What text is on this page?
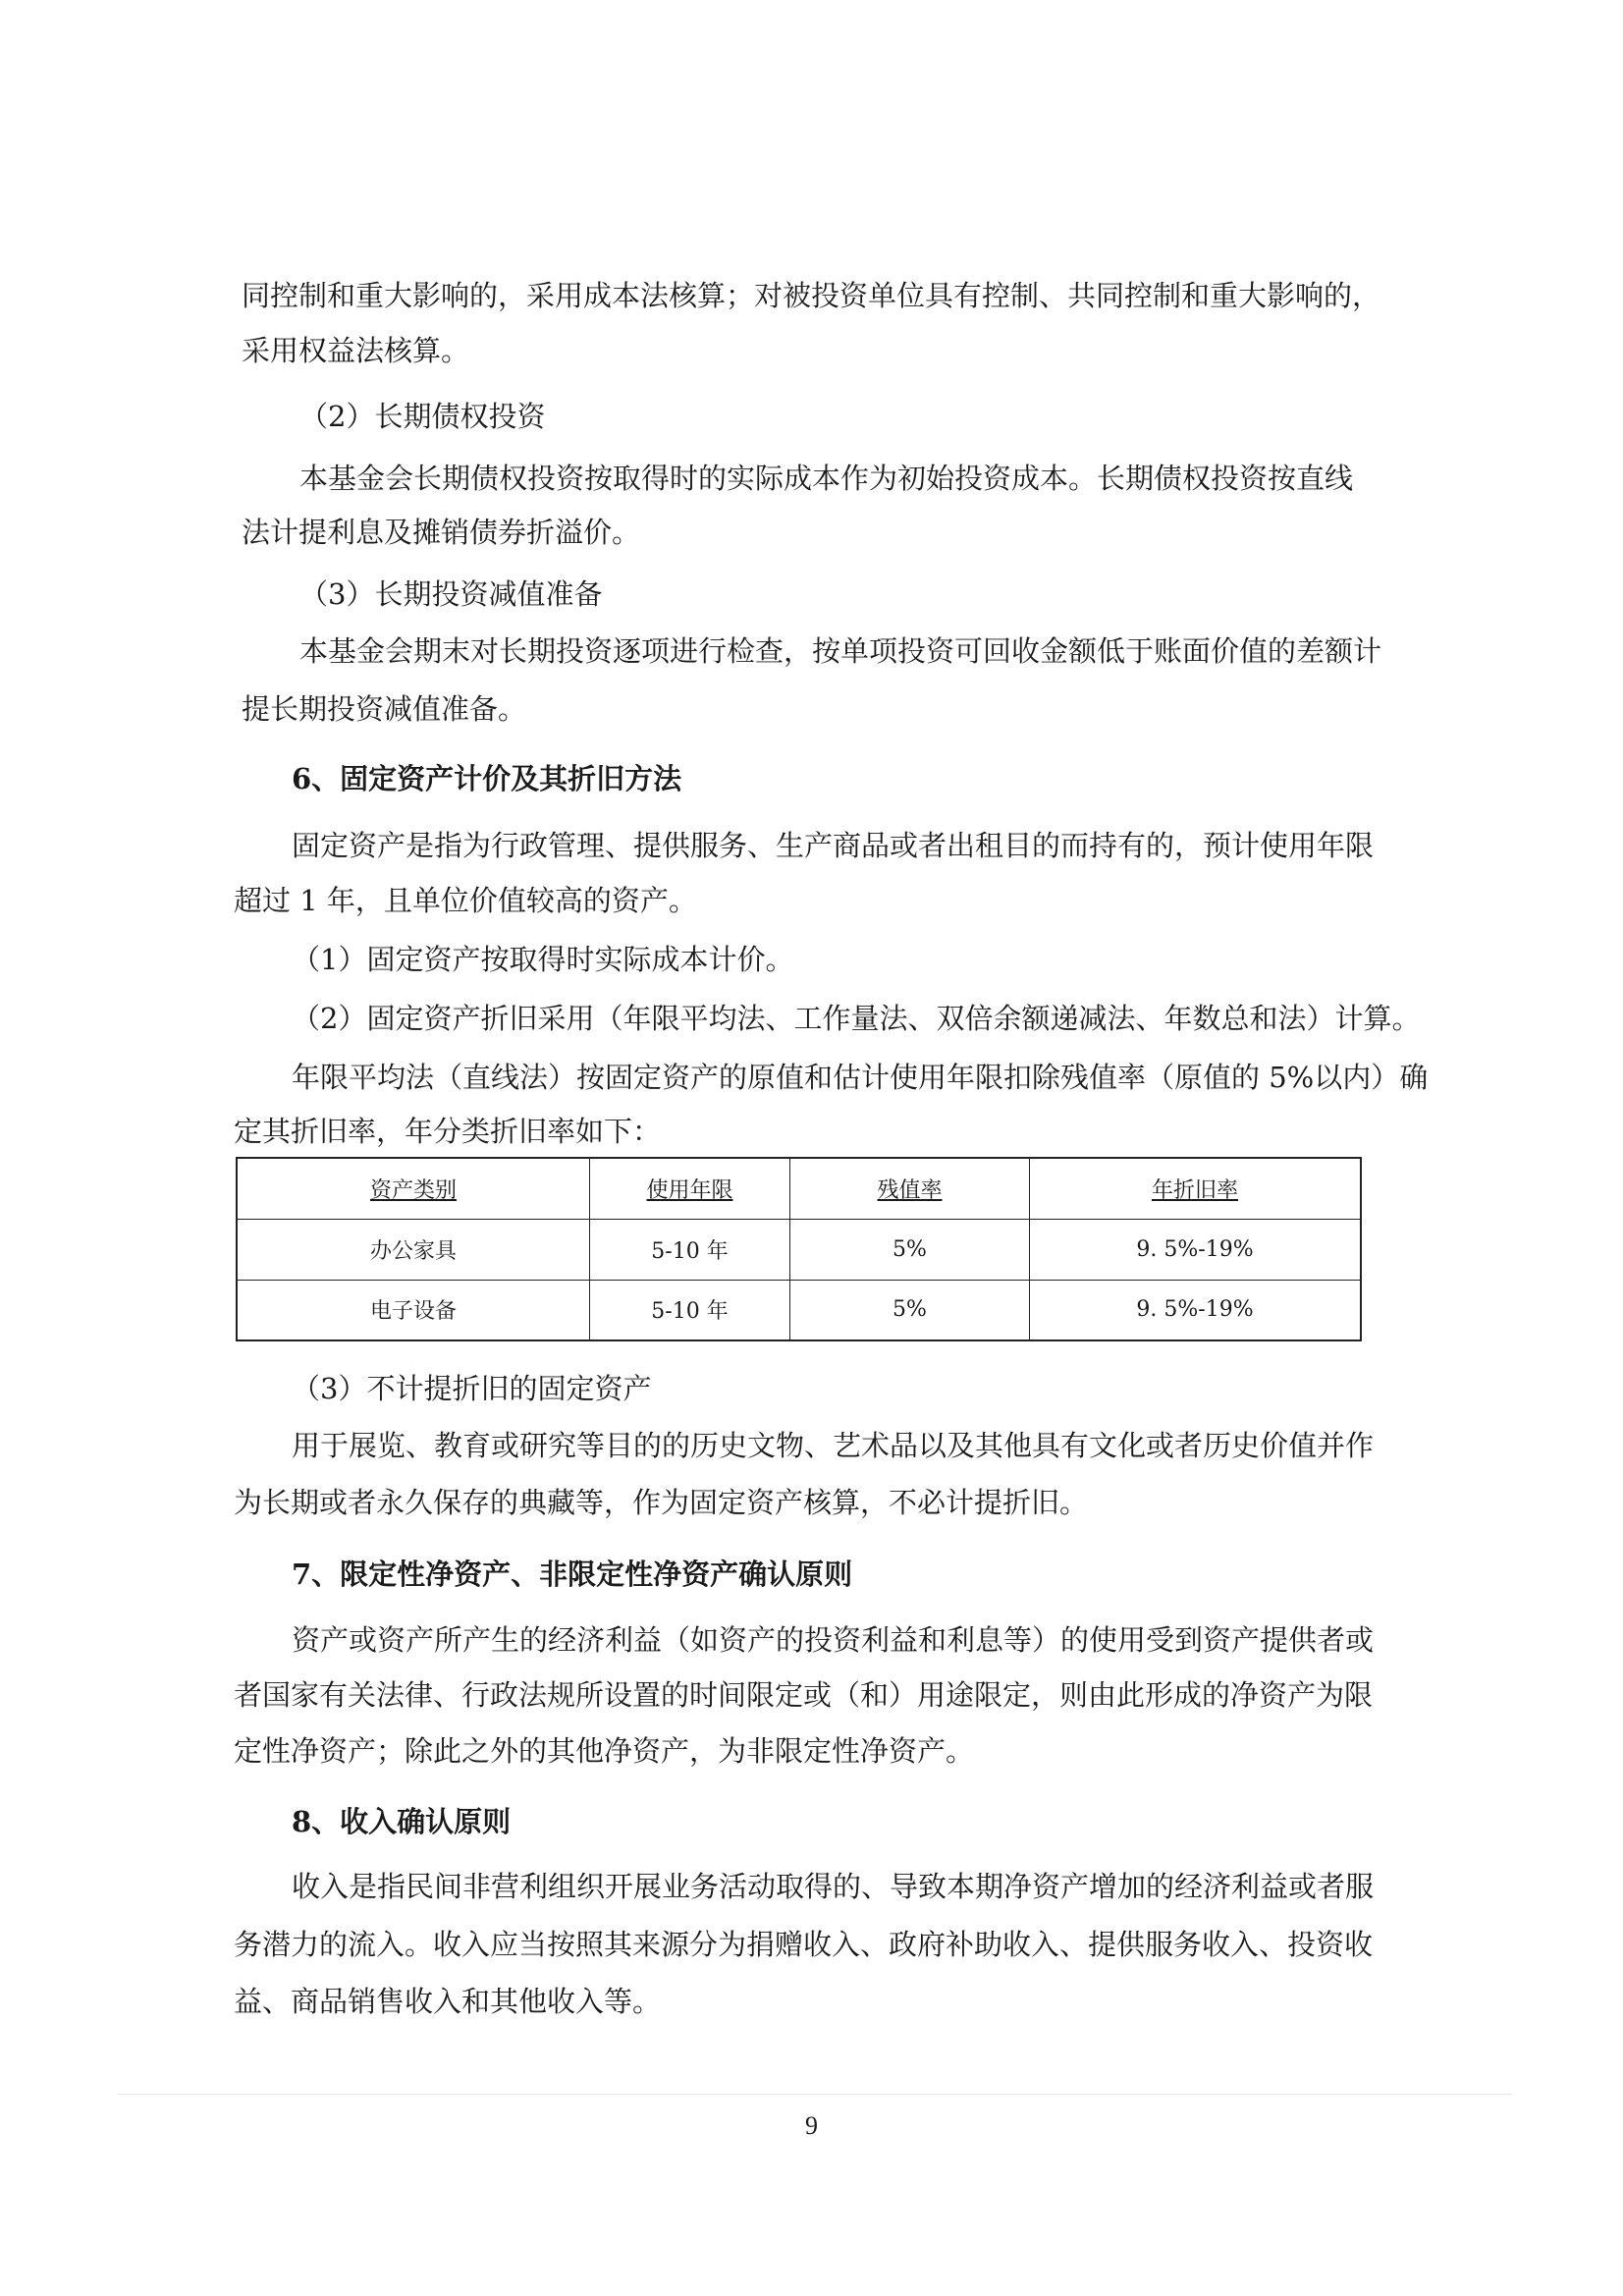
同控制和重大影响的，采用成本法核算；对被投资单位具有控制、共同控制和重大影响的，
采用权益法核算。
（2）长期债权投资
本基金会长期债权投资按取得时的实际成本作为初始投资成本。长期债权投资按直线
法计提利息及摊销债券折溢价。
（3）长期投资减值准备
本基金会期末对长期投资逐项进行检查，按单项投资可回收金额低于账面价值的差额计
提长期投资减值准备。
6、固定资产计价及其折旧方法
固定资产是指为行政管理、提供服务、生产商品或者出租目的而持有的，预计使用年限
超过 1 年，且单位价值较高的资产。
（1）固定资产按取得时实际成本计价。
（2）固定资产折旧采用（年限平均法、工作量法、双倍余额递减法、年数总和法）计算。
年限平均法（直线法）按固定资产的原值和估计使用年限扣除残值率（原值的 5%以内）确
定其折旧率，年分类折旧率如下：
资产类别	使用年限	残值率	年折旧率
办公家具	5-10 年	5%	9. 5%-19%
电子设备	5-10 年	5%	9. 5%-19%
（3）不计提折旧的固定资产
用于展览、教育或研究等目的的历史文物、艺术品以及其他具有文化或者历史价值并作
为长期或者永久保存的典藏等，作为固定资产核算，不必计提折旧。
7、限定性净资产、非限定性净资产确认原则
资产或资产所产生的经济利益（如资产的投资利益和利息等）的使用受到资产提供者或
者国家有关法律、行政法规所设置的时间限定或（和）用途限定，则由此形成的净资产为限
定性净资产；除此之外的其他净资产，为非限定性净资产。
8、收入确认原则
收入是指民间非营利组织开展业务活动取得的、导致本期净资产增加的经济利益或者服
务潜力的流入。收入应当按照其来源分为捐赠收入、政府补助收入、提供服务收入、投资收
益、商品销售收入和其他收入等。
9
